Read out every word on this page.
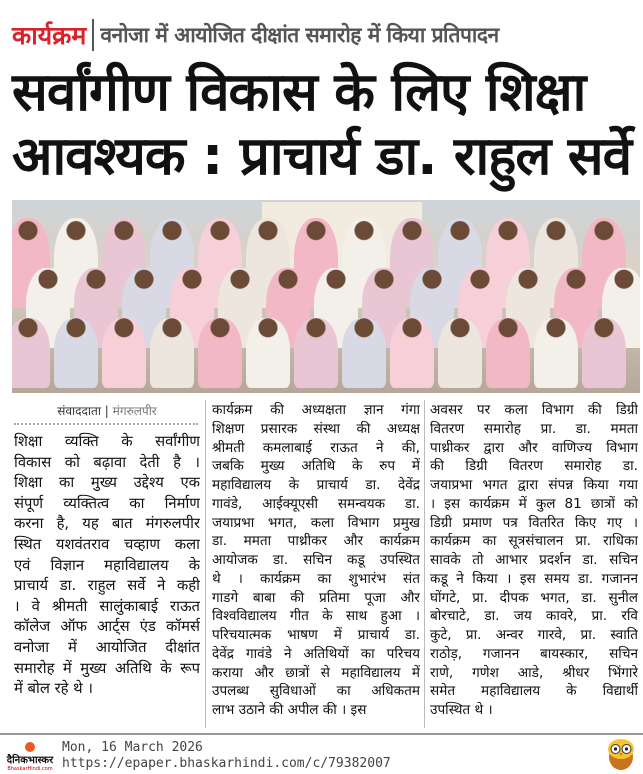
कार्यक्रम वनोजा में आयोजित दीक्षांत समारोह में किया प्रतिपादन
सर्वांगीण विकास के लिए शिक्षा
आवश्यक : प्राचार्य डा. राहुल सर्वे
संवाददाता | मंगरुलपीर
शिक्षा व्यक्ति के सर्वांगीण
विकास को बढ़ावा देती है ।
शिक्षा का मुख्य उद्देश्य एक
संपूर्ण व्यक्तित्व का निर्माण
करना है, यह बात मंगरुलपीर
स्थित यशवंतराव चव्हाण कला
एवं विज्ञान महाविद्यालय के
प्राचार्य डा. राहुल सर्वे ने कही
। वे श्रीमती सालुंकाबाई राऊत
कॉलेज ऑफ आर्ट्स एंड कॉमर्स
वनोजा में आयोजित दीक्षांत
समारोह में मुख्य अतिथि के रूप
में बोल रहे थे ।
कार्यक्रम की अध्यक्षता ज्ञान गंगा
शिक्षण प्रसारक संस्था की अध्यक्ष
श्रीमती कमलाबाई राऊत ने की,
जबकि मुख्य अतिथि के रुप में
महाविद्यालय के प्राचार्य डा. देवेंद्र
गावंडे, आईक्यूएसी समन्वयक डा.
जयाप्रभा भगत, कला विभाग प्रमुख
डा. ममता पाथ्रीकर और कार्यक्रम
आयोजक डा. सचिन कडू उपस्थित
थे । कार्यक्रम का शुभारंभ संत
गाडगे बाबा की प्रतिमा पूजा और
विश्वविद्यालय गीत के साथ हुआ ।
परिचयात्मक भाषण में प्राचार्य डा.
देवेंद्र गावंडे ने अतिथियों का परिचय
कराया और छात्रों से महाविद्यालय में
उपलब्ध सुविधाओं का अधिकतम
लाभ उठाने की अपील की । इस
अवसर पर कला विभाग की डिग्री
वितरण समारोह प्रा. डा. ममता
पाथ्रीकर द्वारा और वाणिज्य विभाग
की डिग्री वितरण समारोह डा.
जयाप्रभा भगत द्वारा संपन्न किया गया
। इस कार्यक्रम में कुल 81 छात्रों को
डिग्री प्रमाण पत्र वितरित किए गए ।
कार्यक्रम का सूत्रसंचालन प्रा. राधिका
सावके तो आभार प्रदर्शन डा. सचिन
कडू ने किया । इस समय डा. गजानन
घोंगटे, प्रा. दीपक भगत, डा. सुनील
बोरचाटे, डा. जय कावरे, प्रा. रवि
कुटे, प्रा. अन्वर गारवे, प्रा. स्वाति
राठोड़, गजानन बायस्कार, सचिन
राणे, गणेश आडे, श्रीधर भिंगारे
समेत महाविद्यालय के विद्यार्थी
उपस्थित थे ।
दैनिकभास्कर
BhaskarHindi.com
Mon, 16 March 2026
https://epaper.bhaskarhindi.com/c/79382007
